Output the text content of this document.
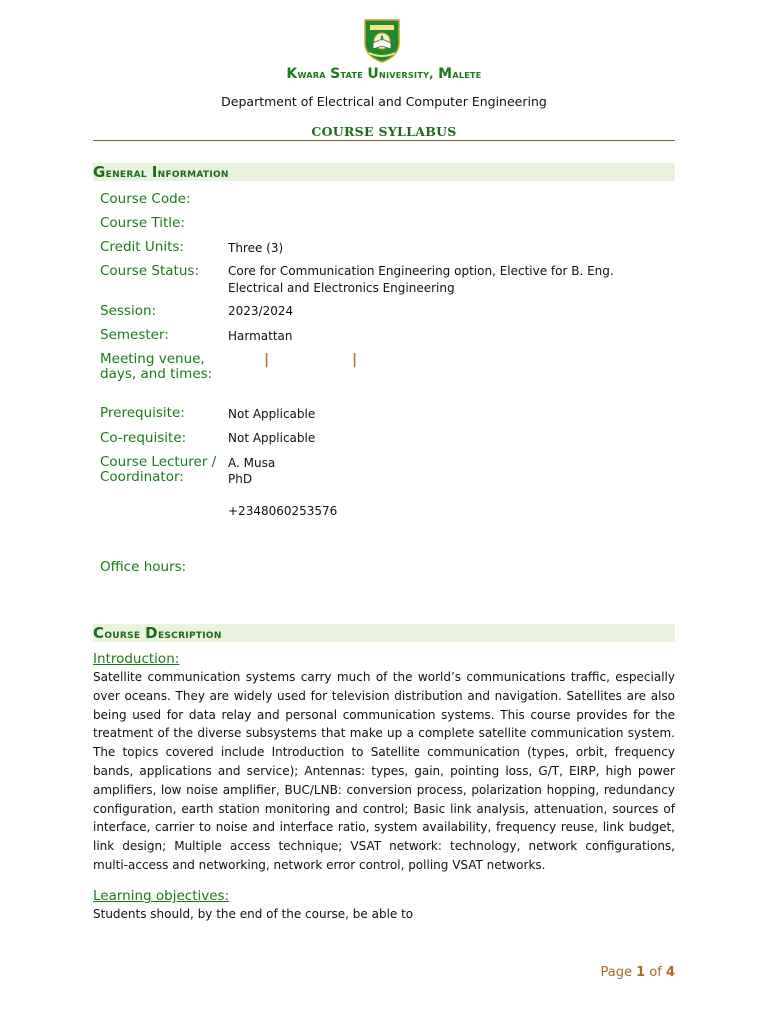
Kwara State University, Malete
Department of Electrical and Computer Engineering
COURSE SYLLABUS
General Information
Course Code:
Course Title:
Credit Units:	Three (3)
Course Status:	Core for Communication Engineering option, Elective for B. Eng. Electrical and Electronics Engineering
Session:	2023/2024
Semester:	Harmattan
Meeting venue, days, and times:
|	|
Prerequisite:	Not Applicable
Co-requisite:	Not Applicable
Course Lecturer / Coordinator:
A. Musa
PhD
+2348060253576
Office hours:
Course Description
Introduction:
Satellite communication systems carry much of the world’s communications traffic, especially over oceans. They are widely used for television distribution and navigation. Satellites are also being used for data relay and personal communication systems. This course provides for the treatment of the diverse subsystems that make up a complete satellite communication system. The topics covered include Introduction to Satellite communication (types, orbit, frequency bands, applications and service); Antennas: types, gain, pointing loss, G/T, EIRP, high power amplifiers, low noise amplifier, BUC/LNB: conversion process, polarization hopping, redundancy configuration, earth station monitoring and control; Basic link analysis, attenuation, sources of interface, carrier to noise and interface ratio, system availability, frequency reuse, link budget, link design; Multiple access technique; VSAT network: technology, network configurations, multi-access and networking, network error control, polling VSAT networks.
Learning objectives:
Students should, by the end of the course, be able to
Page 1 of 4
